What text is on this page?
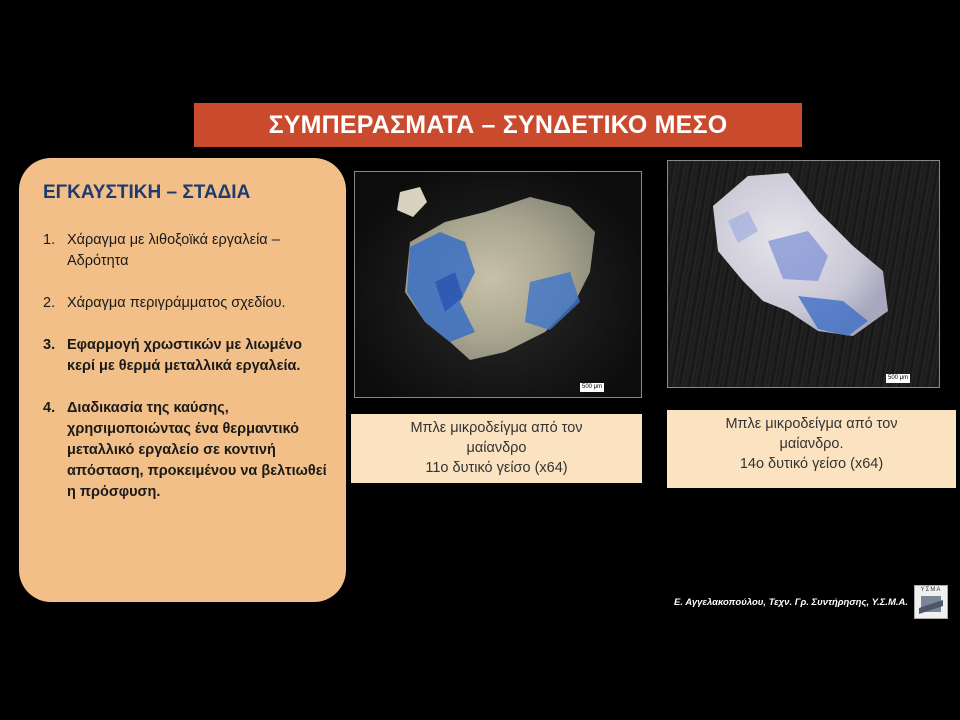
ΣΥΜΠΕΡΑΣΜΑΤΑ – ΣΥΝΔΕΤΙΚΟ ΜΕΣΟ
ΕΓΚΑΥΣΤΙΚΗ – ΣΤΑΔΙΑ
1. Χάραγμα με λιθοξοϊκά εργαλεία – Αδρότητα
2. Χάραγμα περιγράμματος σχεδίου.
3. Εφαρμογή χρωστικών με λιωμένο κερί με θερμά μεταλλικά εργαλεία.
4. Διαδικασία της καύσης, χρησιμοποιώντας ένα θερμαντικό μεταλλικό εργαλείο σε κοντινή απόσταση, προκειμένου να βελτιωθεί η πρόσφυση.
500 μm
500 μm
Μπλε μικροδείγμα από τον
μαίανδρο
11ο δυτικό γείσο (x64)
Μπλε μικροδείγμα από τον
μαίανδρο.
14ο δυτικό γείσο (x64)
Ε. Αγγελακοπούλου, Τεχν. Γρ. Συντήρησης, Υ.Σ.Μ.Α.
ΥΣΜΑ
